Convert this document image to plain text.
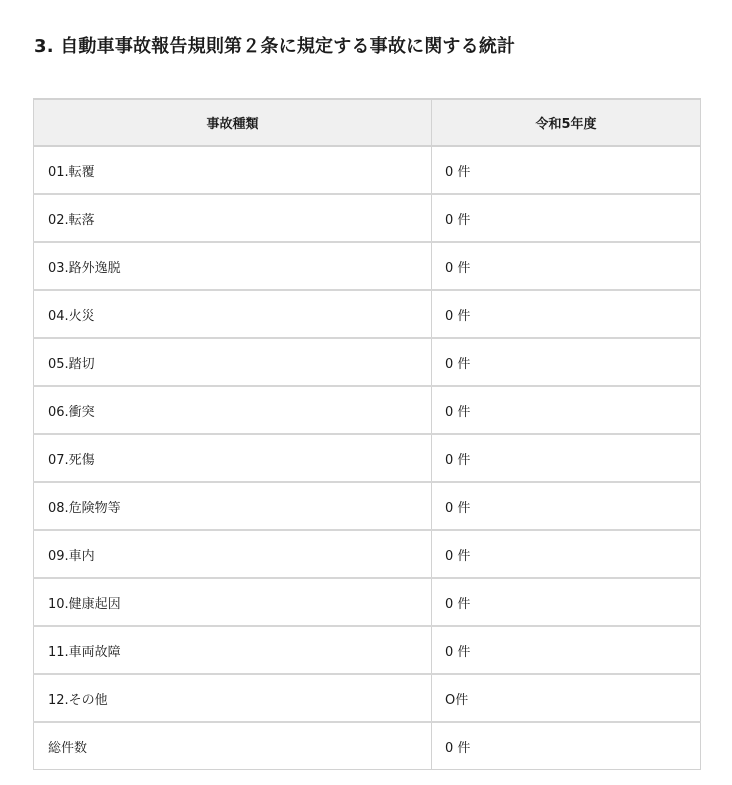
3. 自動車事故報告規則第２条に規定する事故に関する統計
事故種類	令和5年度
01.転覆	0 件
02.転落	0 件
03.路外逸脱	0 件
04.火災	0 件
05.踏切	0 件
06.衝突	0 件
07.死傷	0 件
08.危険物等	0 件
09.車内	0 件
10.健康起因	0 件
11.車両故障	0 件
12.その他	O件
総件数	0 件
